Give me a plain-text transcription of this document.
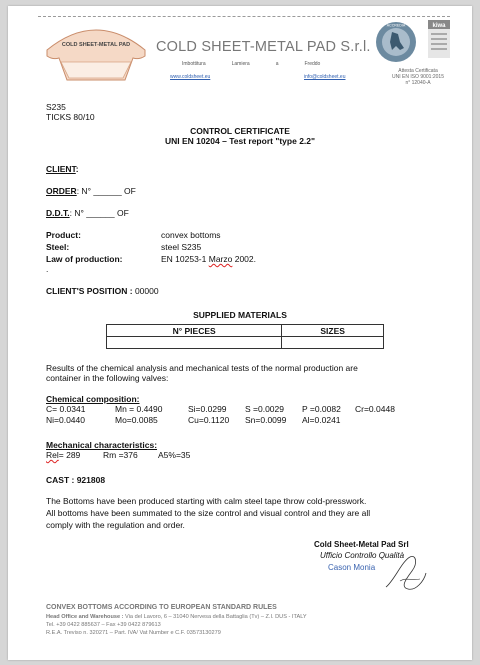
COLD SHEET-METAL PAD COLD SHEET-METAL PAD S.r.l.
Imbottitura	Lamiera	a	Freddo
www.coldsheet.eu	info@coldsheet.eu
ACCREDIA	kiwa
Attesta Certificata
UNI EN ISO 9001:2015
n° 12040-A
S235
TICKS 80/10
CONTROL CERTIFICATE
UNI EN 10204 – Test report "type 2.2"
CLIENT:
ORDER: N° ______ OF
D.D.T.: N° ______ OF
Product:	convex bottoms
Steel:	steel S235
Law of production:	EN 10253-1 Marzo 2002.
.
CLIENT'S POSITION : 00000
SUPPLIED MATERIALS
N° PIECES	SIZES

Results of the chemical analysis and mechanical tests of the normal production are
container in the following valves:
Chemical composition:
C= 0.0341	Mn = 0.4490	Si=0.0299 S =0.0029 P =0.0082 Cr=0.0448
Ni=0.0440	Mo=0.0085	Cu=0.1120 Sn=0.0099 Al=0.0241
Mechanical characteristics:
Rel= 289	Rm =376 A5%=35
CAST : 921808
The Bottoms have been produced starting with calm steel tape throw cold-presswork.
All bottoms have been summated to the size control and visual control and they are all
comply with the regulation and order.
Cold Sheet-Metal Pad Srl
Ufficio Controllo Qualità
Cason Monia
CONVEX BOTTOMS ACCORDING TO EUROPEAN STANDARD RULES
Head Office and Warehouse : Via del Lavoro, 6 – 31040 Nervesa della Battaglia (Tv) – Z.I. DUS - ITALY
Tel. +39 0422 885637 – Fax +39 0422 879613
R.E.A. Treviso n. 320271 – Part. IVA/ Vat Number e C.F. 03573130279
